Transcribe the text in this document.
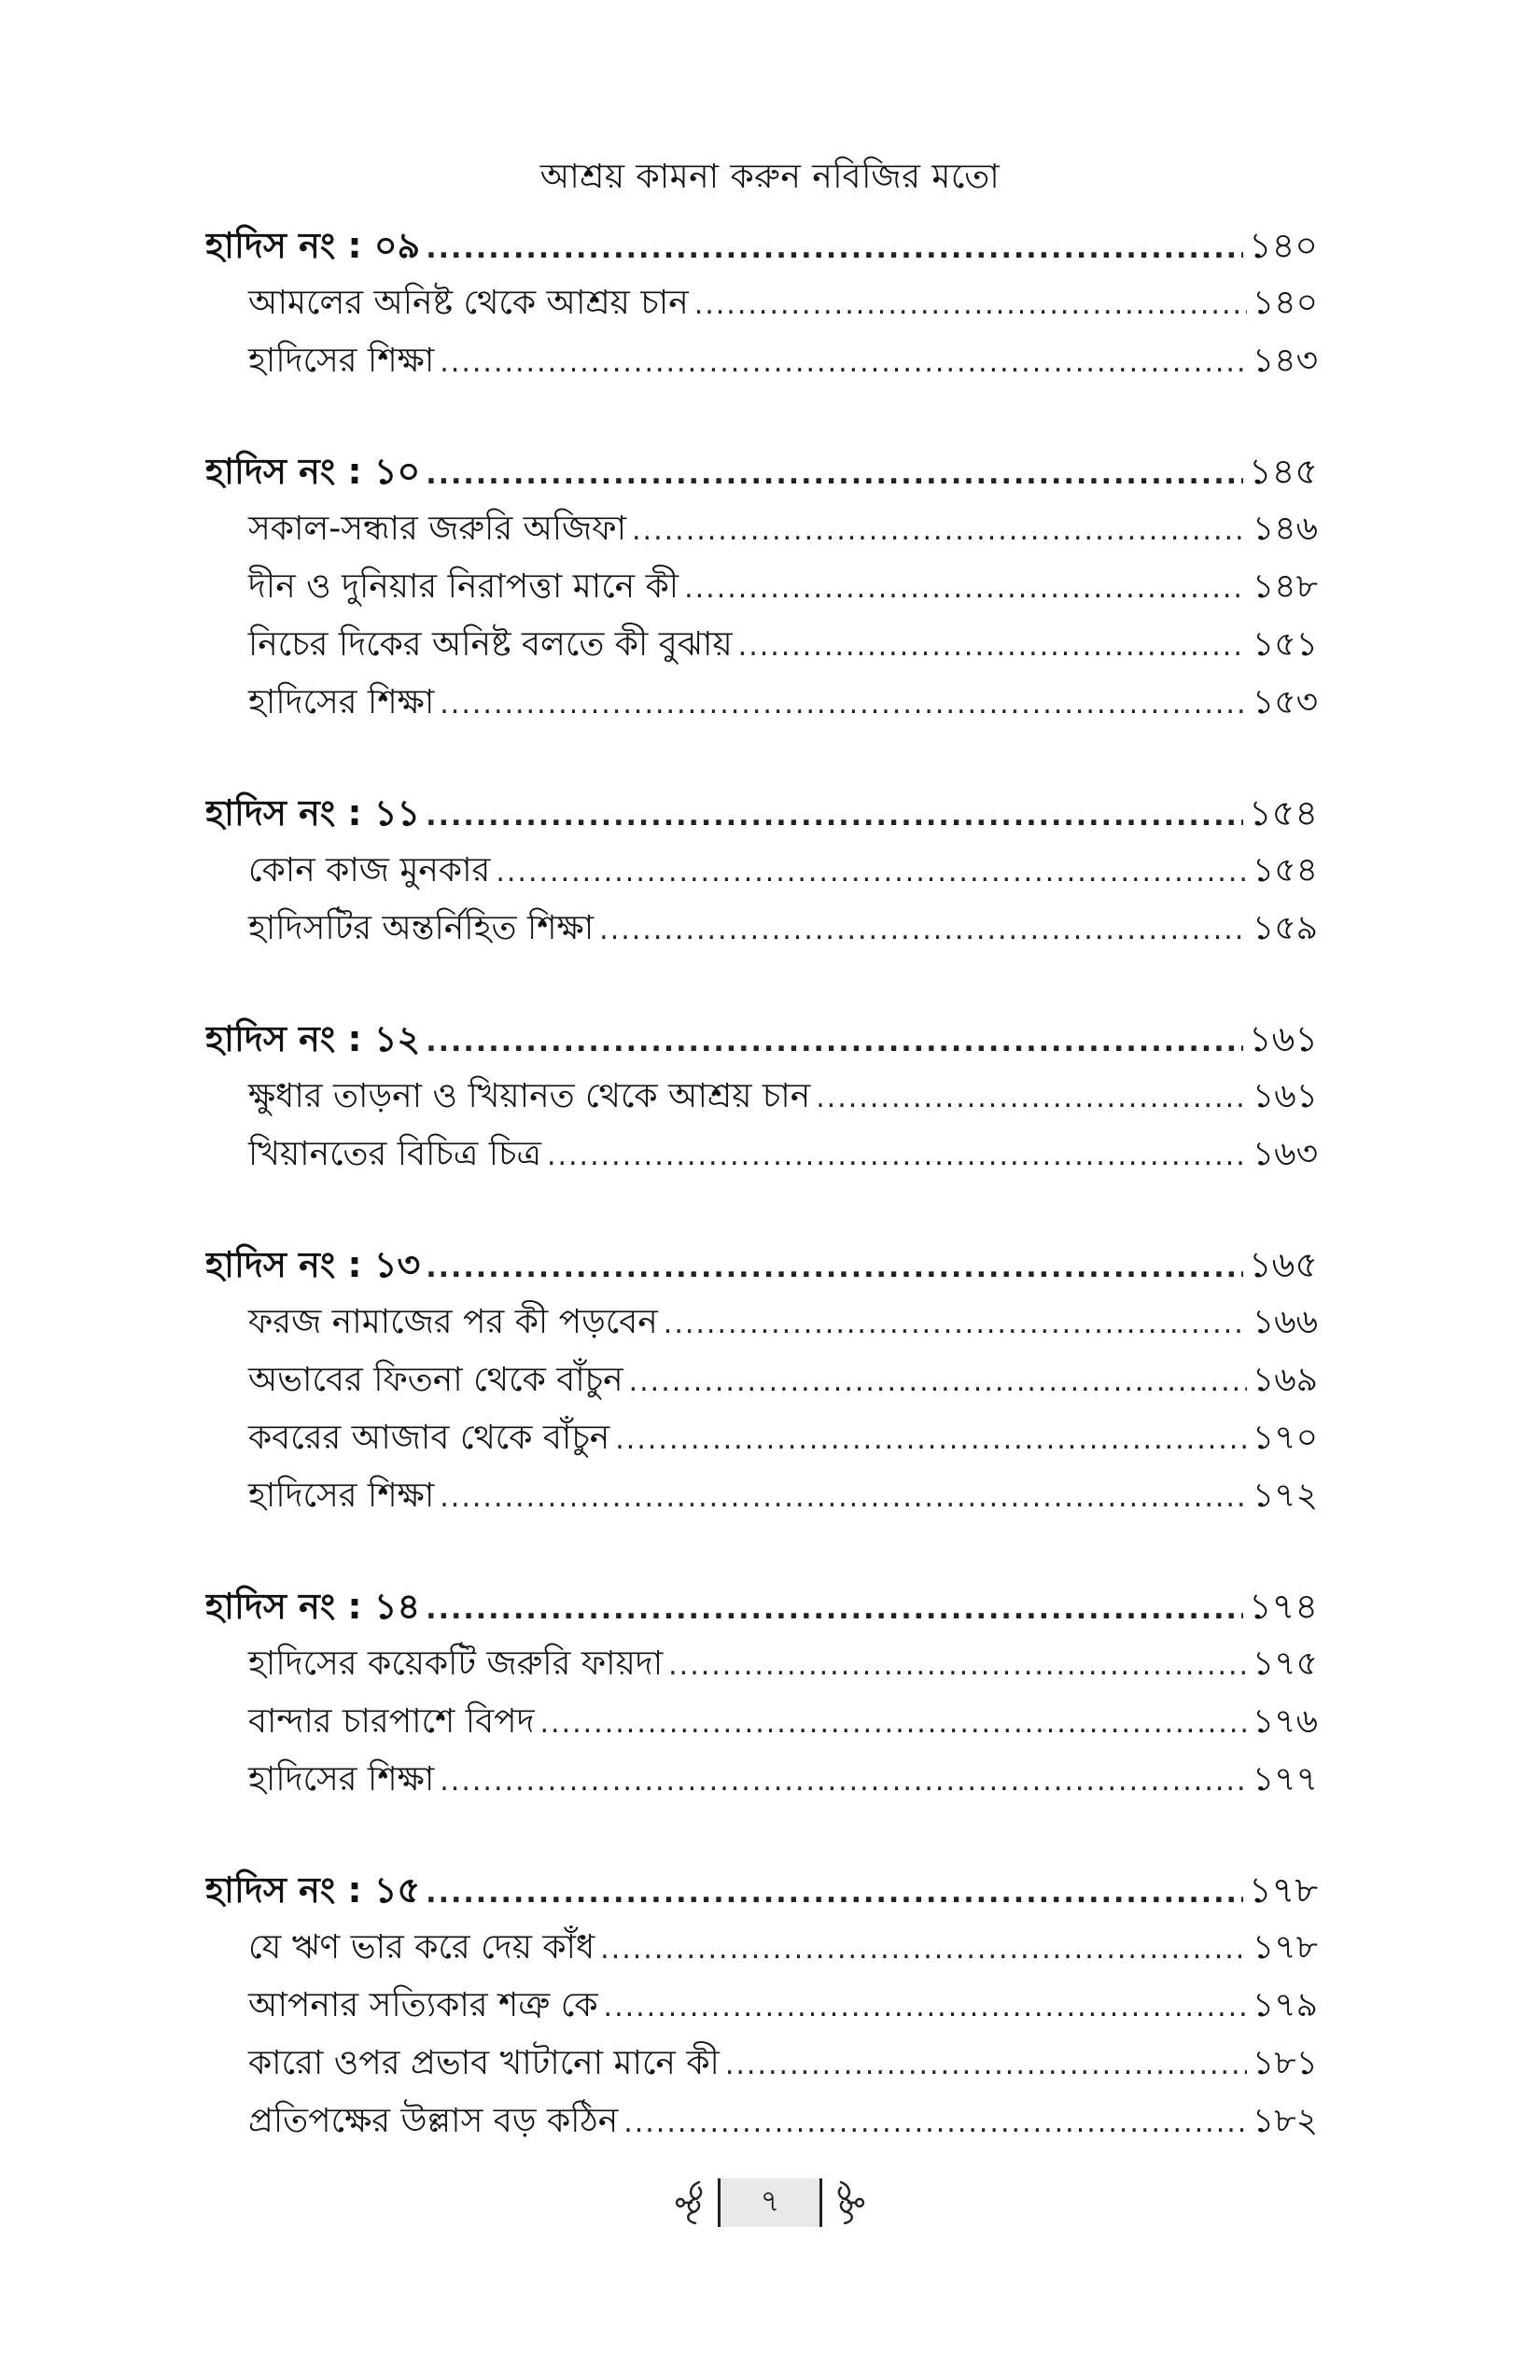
আশ্রয় কামনা করুন নবিজির মতো
হাদিস নং : ০৯ .....	১৪০
আমলের অনিষ্ট থেকে আশ্রয় চান .....	১৪০
হাদিসের শিক্ষা .....	১৪৩
হাদিস নং : ১০ .....	১৪৫
সকাল-সন্ধার জরুরি অজিফা .....	১৪৬
দীন ও দুনিয়ার নিরাপত্তা মানে কী .....	১৪৮
নিচের দিকের অনিষ্ট বলতে কী বুঝায় .....	১৫১
হাদিসের শিক্ষা .....	১৫৩
হাদিস নং : ১১ .....	১৫৪
কোন কাজ মুনকার .....	১৫৪
হাদিসটির অন্তর্নিহিত শিক্ষা .....	১৫৯
হাদিস নং : ১২ .....	১৬১
ক্ষুধার তাড়না ও খিয়ানত থেকে আশ্রয় চান .....	১৬১
খিয়ানতের বিচিত্র চিত্র .....	১৬৩
হাদিস নং : ১৩ .....	১৬৫
ফরজ নামাজের পর কী পড়বেন .....	১৬৬
অভাবের ফিতনা থেকে বাঁচুন .....	১৬৯
কবরের আজাব থেকে বাঁচুন .....	১৭০
হাদিসের শিক্ষা .....	১৭২
হাদিস নং : ১৪ .....	১৭৪
হাদিসের কয়েকটি জরুরি ফায়দা .....	১৭৫
বান্দার চারপাশে বিপদ .....	১৭৬
হাদিসের শিক্ষা .....	১৭৭
হাদিস নং : ১৫ .....	১৭৮
যে ঋণ ভার করে দেয় কাঁধ .....	১৭৮
আপনার সত্যিকার শত্রু কে .....	১৭৯
কারো ওপর প্রভাব খাটানো মানে কী .....	১৮১
প্রতিপক্ষের উল্লাস বড় কঠিন .....	১৮২
৭
